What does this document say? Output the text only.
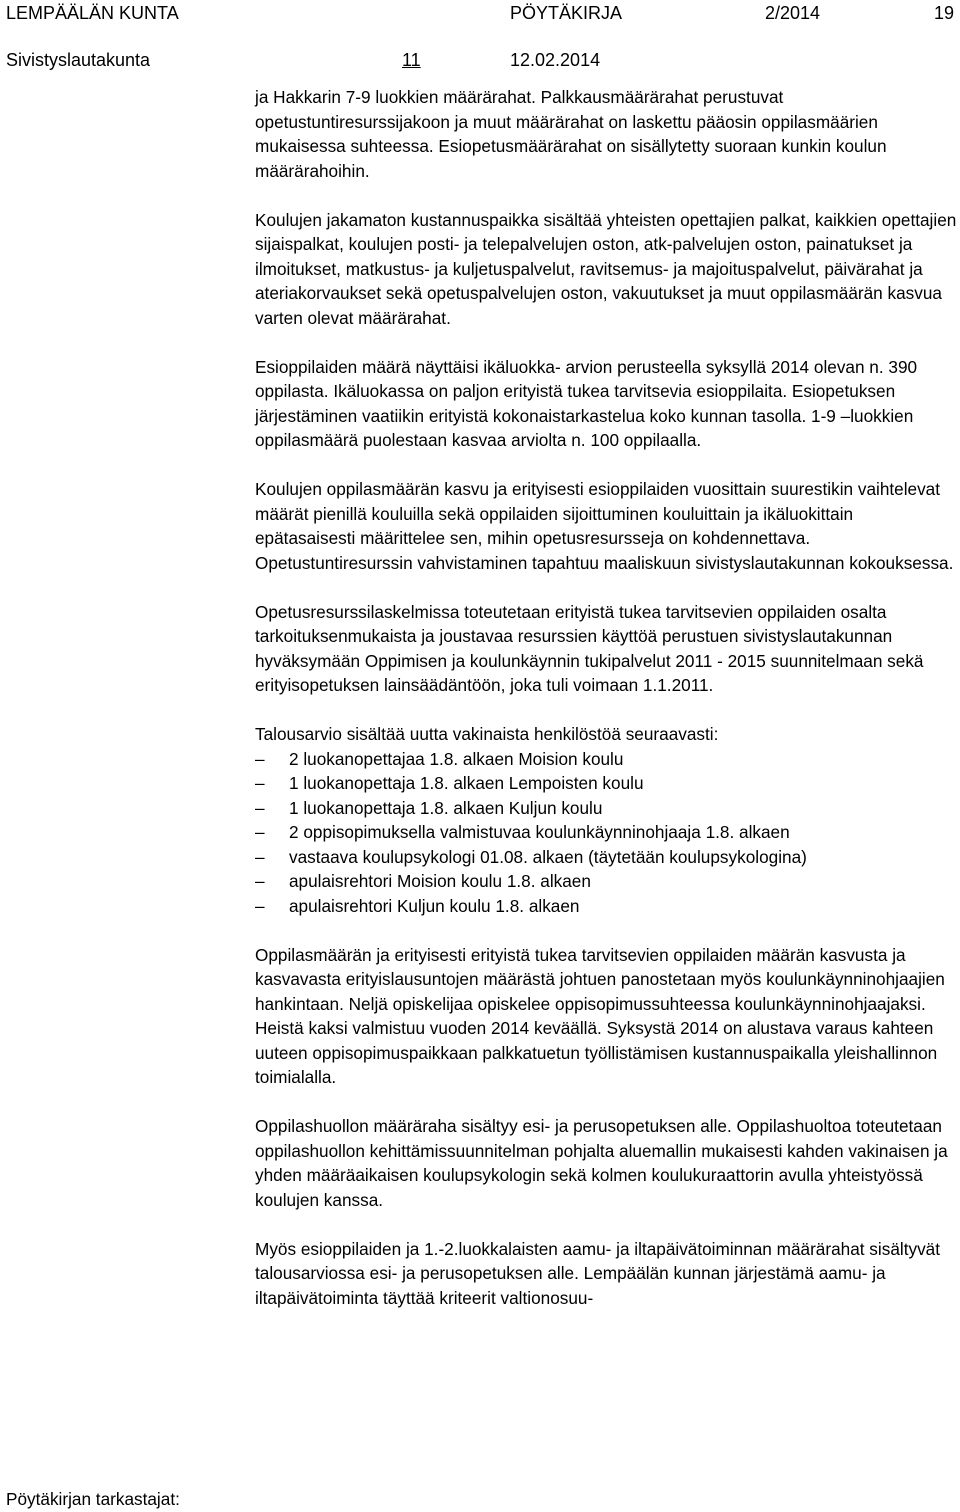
LEMPÄÄLÄN KUNTA	PÖYTÄKIRJA	2/2014	19
Sivistyslautakunta	11	12.02.2014

ja Hakkarin 7-9 luokkien määrärahat. Palkkausmäärärahat perustuvat opetustuntiresurssijakoon ja muut määrärahat on laskettu pääosin oppilasmäärien mukaisessa suhteessa. Esiopetusmäärärahat on sisällytetty suoraan kunkin koulun määrärahoihin.

Koulujen jakamaton kustannuspaikka sisältää yhteisten opettajien palkat, kaikkien opettajien sijaispalkat, koulujen posti- ja telepalvelujen oston, atk-palvelujen oston, painatukset ja ilmoitukset, matkustus- ja kuljetuspalvelut, ravitsemus- ja majoituspalvelut, päivärahat ja ateriakorvaukset sekä opetuspalvelujen oston, vakuutukset ja muut oppilasmäärän kasvua varten olevat määrärahat.

Esioppilaiden määrä näyttäisi ikäluokka- arvion perusteella syksyllä 2014 olevan n. 390 oppilasta. Ikäluokassa on paljon erityistä tukea tarvitsevia esioppilaita. Esiopetuksen järjestäminen vaatiikin erityistä kokonaistarkastelua koko kunnan tasolla. 1-9 –luokkien oppilasmäärä puolestaan kasvaa arviolta n. 100 oppilaalla.

Koulujen oppilasmäärän kasvu ja erityisesti esioppilaiden vuosittain suurestikin vaihtelevat määrät pienillä kouluilla sekä oppilaiden sijoittuminen kouluittain ja ikäluokittain epätasaisesti määrittelee sen, mihin opetusresursseja on kohdennettava. Opetustuntiresurssin vahvistaminen tapahtuu maaliskuun sivistyslautakunnan kokouksessa.

Opetusresurssilaskelmissa toteutetaan erityistä tukea tarvitsevien oppilaiden osalta tarkoituksenmukaista ja joustavaa resurssien käyttöä perustuen sivistyslautakunnan hyväksymään Oppimisen ja koulunkäynnin tukipalvelut 2011 - 2015 suunnitelmaan sekä erityisopetuksen lainsäädäntöön, joka tuli voimaan 1.1.2011.

Talousarvio sisältää uutta vakinaista henkilöstöä seuraavasti:
–	2 luokanopettajaa 1.8. alkaen Moision koulu
–	1 luokanopettaja 1.8. alkaen Lempoisten koulu
–	1 luokanopettaja 1.8. alkaen Kuljun koulu
–	2 oppisopimuksella valmistuvaa koulunkäynninohjaaja 1.8. alkaen
–	vastaava koulupsykologi 01.08. alkaen (täytetään koulupsykologina)
–	apulaisrehtori Moision koulu 1.8. alkaen
–	apulaisrehtori Kuljun koulu 1.8. alkaen

Oppilasmäärän ja erityisesti erityistä tukea tarvitsevien oppilaiden määrän kasvusta ja kasvavasta erityislausuntojen määrästä johtuen panostetaan myös koulunkäynninohjaajien hankintaan. Neljä opiskelijaa opiskelee oppisopimussuhteessa koulunkäynninohjaajaksi. Heistä kaksi valmistuu vuoden 2014 keväällä. Syksystä 2014 on alustava varaus kahteen uuteen oppisopimuspaikkaan palkkatuetun työllistämisen kustannuspaikalla yleishallinnon toimialalla.

Oppilashuollon määräraha sisältyy esi- ja perusopetuksen alle. Oppilashuoltoa toteutetaan oppilashuollon kehittämissuunnitelman pohjalta aluemallin mukaisesti kahden vakinaisen ja yhden määräaikaisen koulupsykologin sekä kolmen koulukuraattorin avulla yhteistyössä koulujen kanssa.

Myös esioppilaiden ja 1.-2.luokkalaisten aamu- ja iltapäivätoiminnan määrärahat sisältyvät talousarviossa esi- ja perusopetuksen alle. Lempäälän kunnan järjestämä aamu- ja iltapäivätoiminta täyttää kriteerit valtionosuu-

Pöytäkirjan tarkastajat:
